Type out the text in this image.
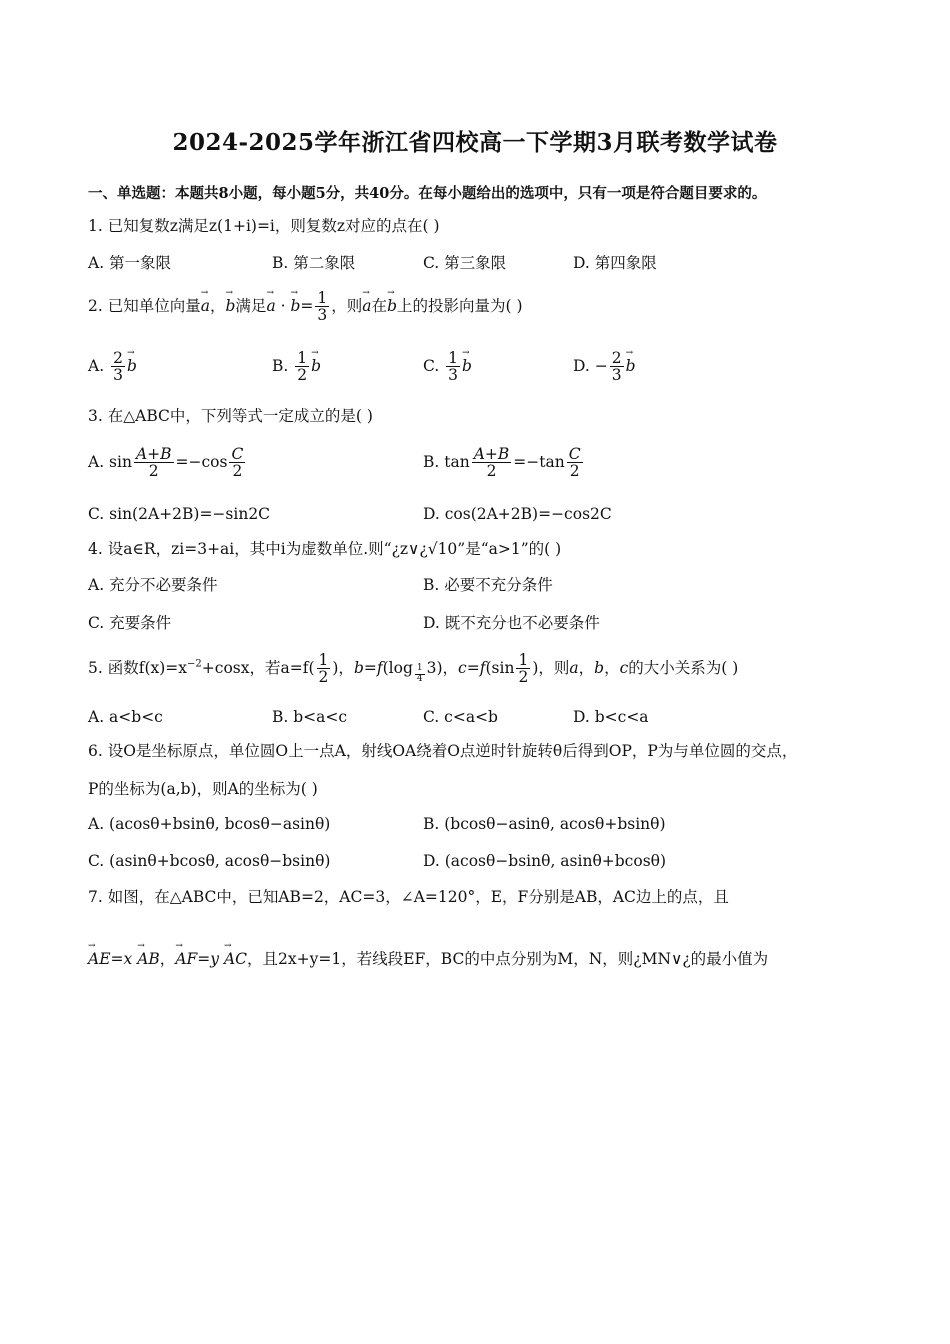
2024-2025学年浙江省四校高一下学期3月联考数学试卷
一、单选题：本题共8小题，每小题5分，共40分。在每小题给出的选项中，只有一项是符合题目要求的。
1. 已知复数z满足z(1+i)=i，则复数z对应的点在( )
A. 第一象限	B. 第二象限	C. 第三象限	D. 第四象限
2. 已知单位向量→ a，→ b满足→ a · → $b= \frac{1}{3}$ ，则→ a在→ b上的投影向量为( )
A. $\frac{2}{3} \to b$	B. $\frac{1}{2} \to b$	C. $\frac{1}{3} \to b$	D. − $\frac{2}{3} \to b$
3. 在△ABC中，下列等式一定成立的是( )
A. $\sin \frac{A+B}{2} =-\cos \frac{C}{2}$	B. $\tan \frac{A+B}{2} =-\tan \frac{C}{2}$
C. sin(2A+2B)=−sin2C	D. cos(2A+2B)=−cos2C
4. 设a∈R，zi=3+ai，其中i为虚数单位.则“¿z∨¿√10”是“a>1”的( )
A. 充分不必要条件	B. 必要不充分条件
C. 充要条件	D. 既不充分也不必要条件
5. 函数$f(x)=x^{-2}+\cos x$，若$a=f( \frac{1}{2}$ )，b=f(log $_{\frac{1}{4}}$ 3)，$c=f(\sin \frac{1}{2}$ )，则a，b，c的大小关系为( )
A. a<b<c	B. b<a<c	C. c<a<b	D. b<c<a
6. 设O是坐标原点，单位圆O上一点A，射线OA绕着O点逆时针旋转θ后得到OP，P为与单位圆的交点，
P的坐标为(a,b)，则A的坐标为( )
A. (acosθ+bsinθ, bcosθ−asinθ)	B. (bcosθ−asinθ, acosθ+bsinθ)
C. (asinθ+bcosθ, acosθ−bsinθ)	D. (acosθ−bsinθ, asinθ+bcosθ)
7. 如图，在△ABC中，已知AB=2，AC=3，∠A=120°，E，F分别是AB，AC边上的点，且
→ AE=x → AB，→ AF=y → AC，且2x+y=1，若线段EF，BC的中点分别为M，N，则¿MN∨¿的最小值为
